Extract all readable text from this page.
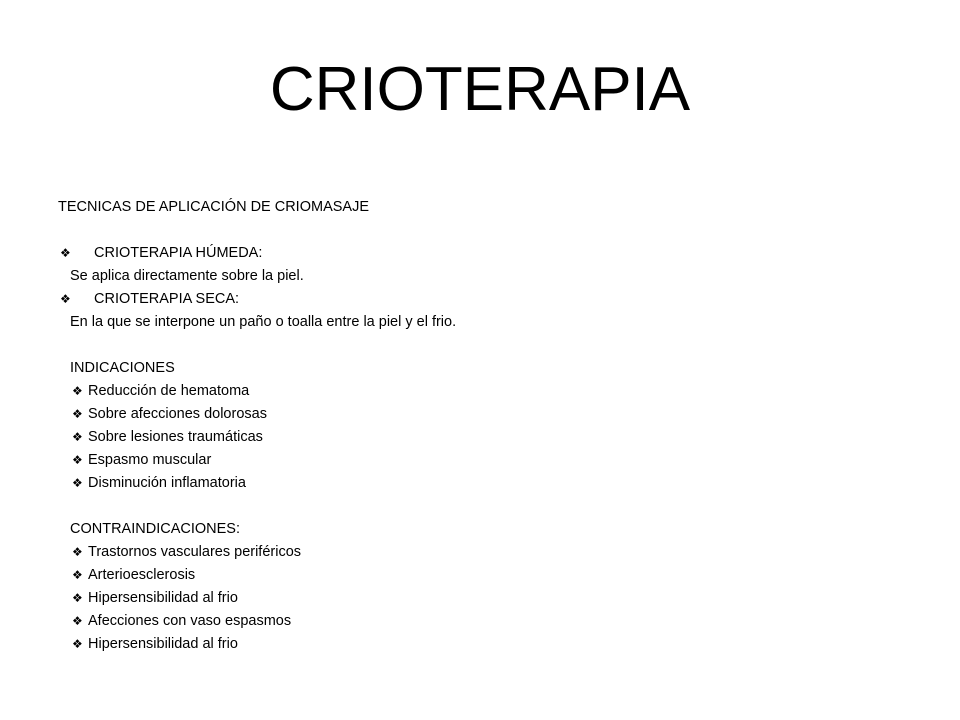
CRIOTERAPIA
TECNICAS DE APLICACIÓN DE CRIOMASAJE
❖ CRIOTERAPIA HÚMEDA:
Se aplica directamente sobre la piel.
❖ CRIOTERAPIA SECA:
En la que se interpone un paño o toalla entre la piel y el frio.
INDICACIONES
❖ Reducción de hematoma
❖ Sobre afecciones dolorosas
❖ Sobre lesiones traumáticas
❖ Espasmo muscular
❖ Disminución inflamatoria
CONTRAINDICACIONES:
❖ Trastornos vasculares periféricos
❖ Arterioesclerosis
❖ Hipersensibilidad al frio
❖ Afecciones con vaso espasmos
❖ Hipersensibilidad al frio
